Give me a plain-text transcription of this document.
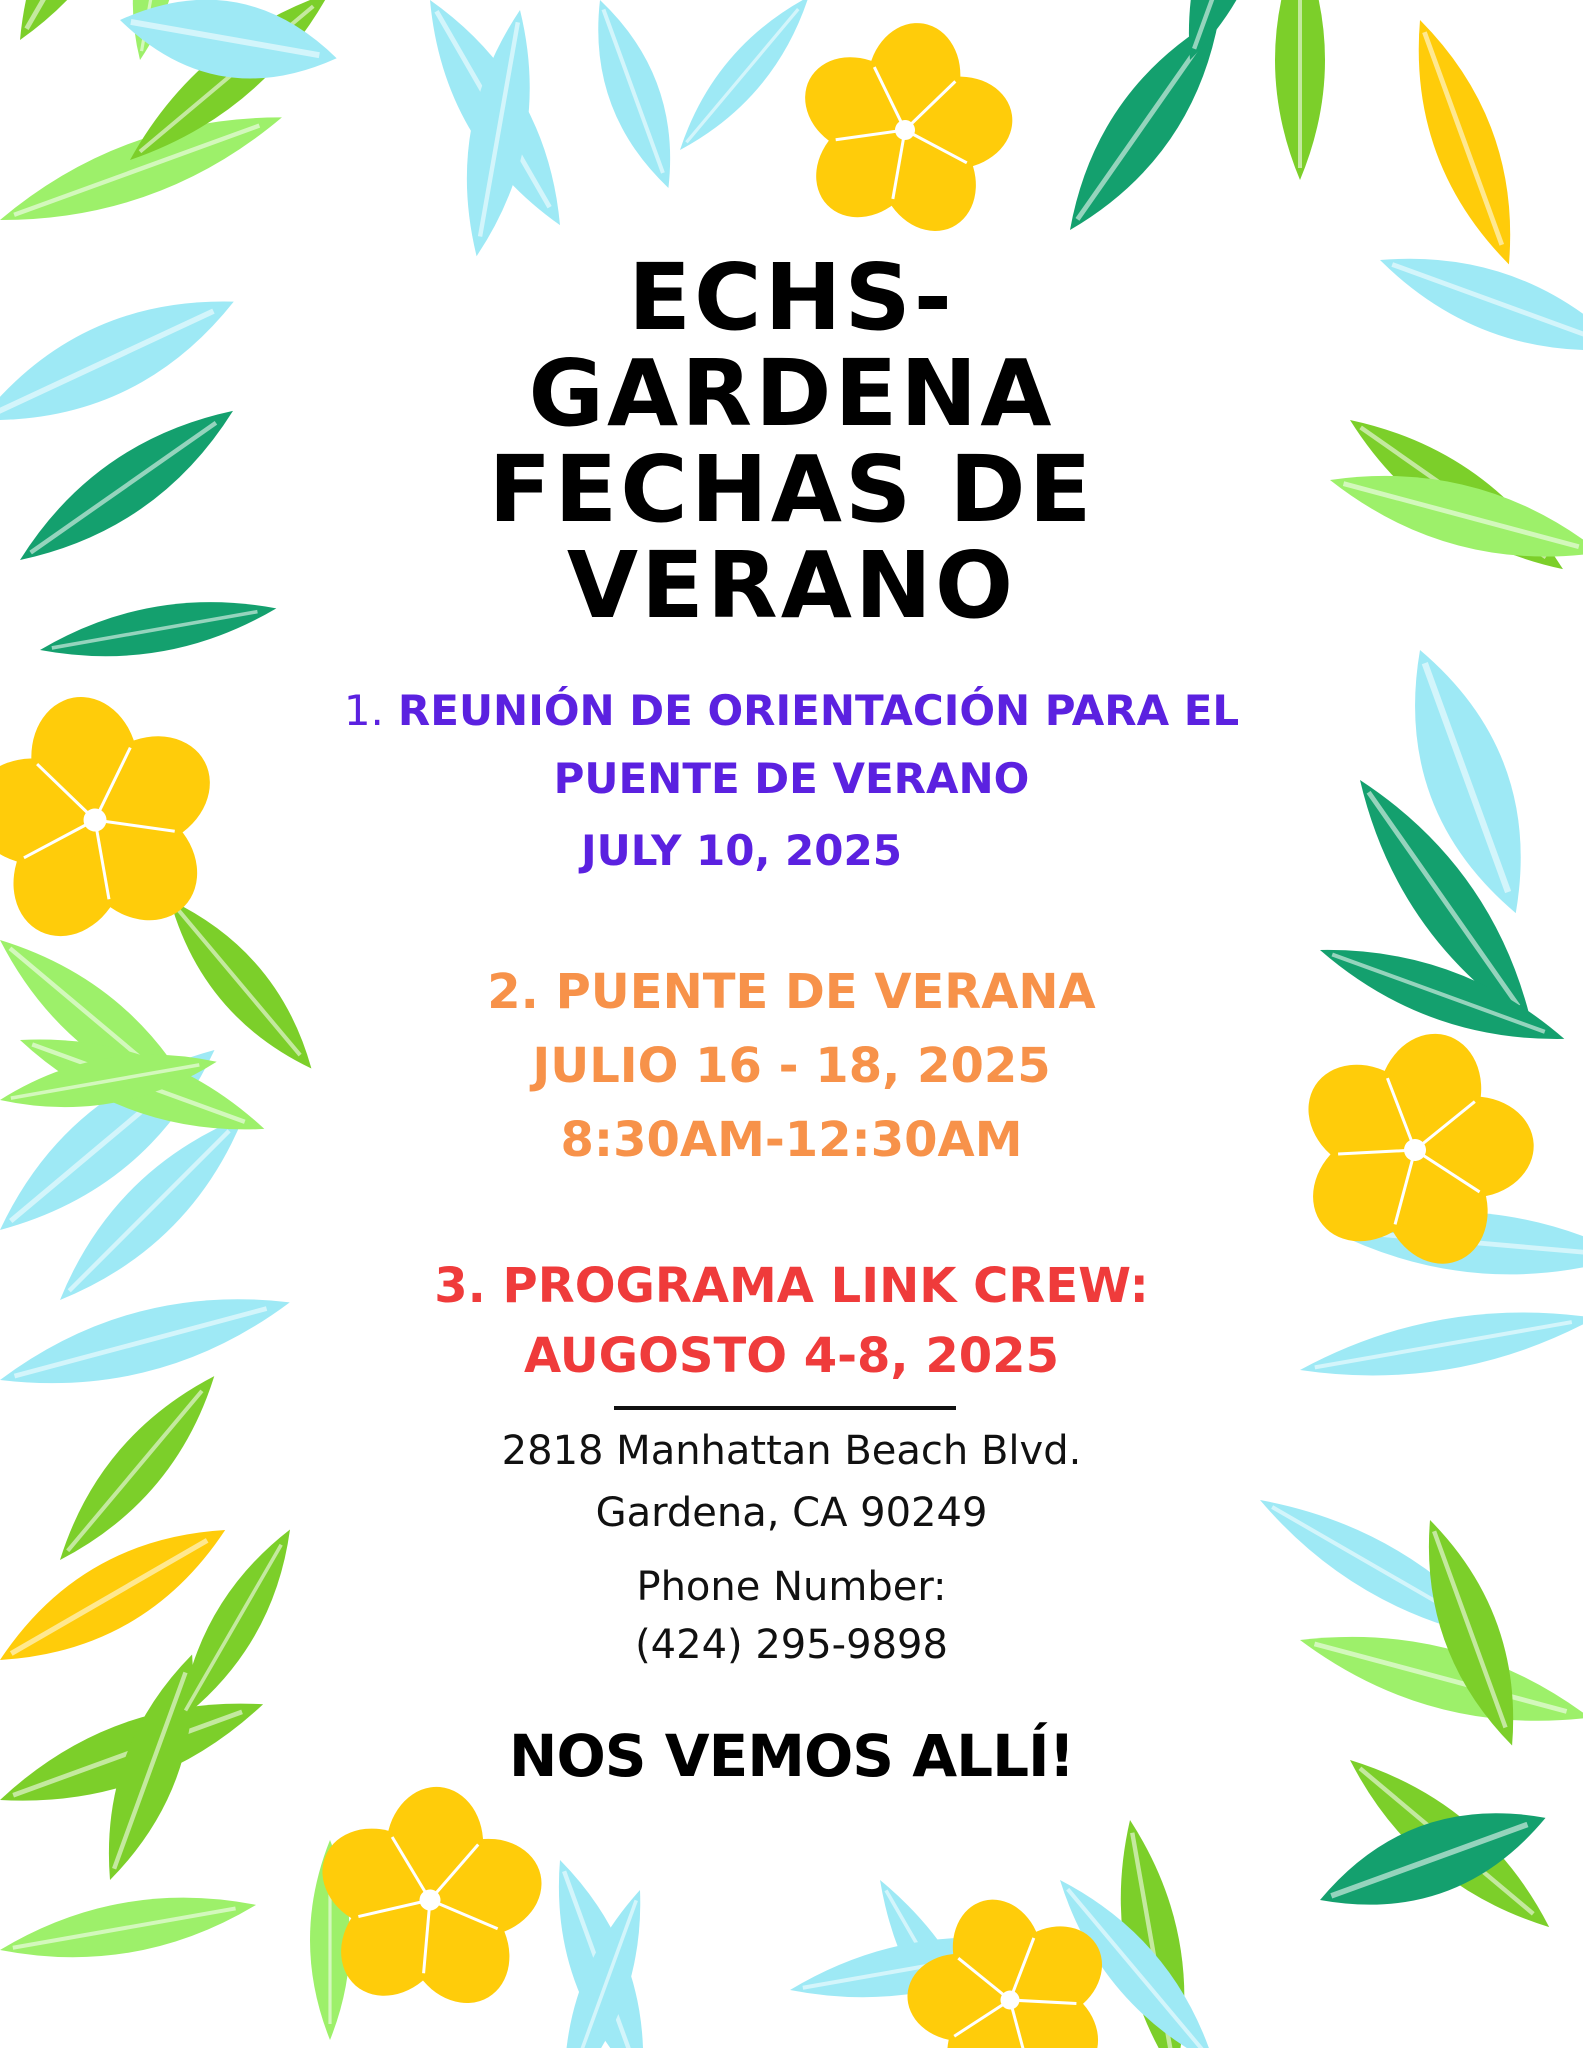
ECHS-
GARDENA
FECHAS DE
VERANO
1. REUNIÓN DE ORIENTACIÓN PARA EL
PUENTE DE VERANO
JULY 10, 2025
2. PUENTE DE VERANA
JULIO 16 - 18, 2025
8:30AM-12:30AM
3. PROGRAMA LINK CREW:
AUGOSTO 4-8, 2025
2818 Manhattan Beach Blvd.
Gardena, CA 90249
Phone Number:
(424) 295-9898
NOS VEMOS ALLÍ!
